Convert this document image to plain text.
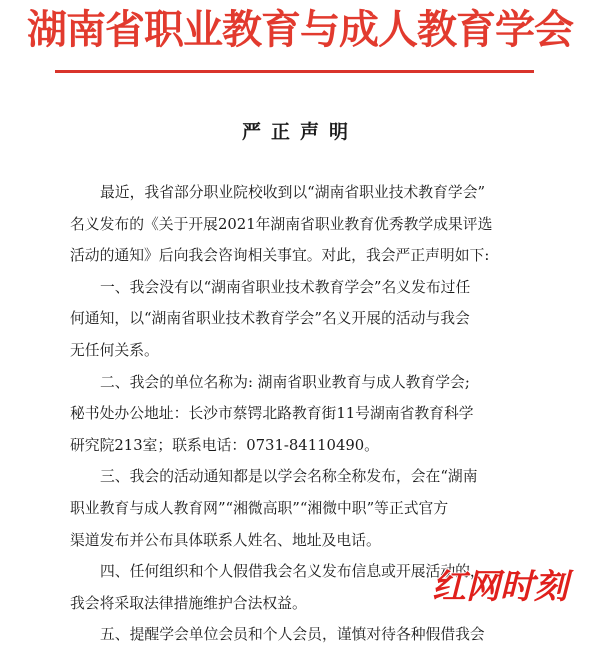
湖南省职业教育与成人教育学会
严正声明
最近，我省部分职业院校收到以“湖南省职业技术教育学会”
名义发布的《关于开展2021年湖南省职业教育优秀教学成果评选
活动的通知》后向我会咨询相关事宜。对此，我会严正声明如下:
一、我会没有以“湖南省职业技术教育学会”名义发布过任
何通知，以“湖南省职业技术教育学会”名义开展的活动与我会
无任何关系。
二、我会的单位名称为: 湖南省职业教育与成人教育学会;
秘书处办公地址：长沙市蔡锷北路教育街11号湖南省教育科学
研究院213室；联系电话：0731-84110490。
三、我会的活动通知都是以学会名称全称发布，会在“湖南
职业教育与成人教育网”“湘微高职”“湘微中职”等正式官方
渠道发布并公布具体联系人姓名、地址及电话。
四、任何组织和个人假借我会名义发布信息或开展活动的，
我会将采取法律措施维护合法权益。
五、提醒学会单位会员和个人会员，谨慎对待各种假借我会
红网时刻
